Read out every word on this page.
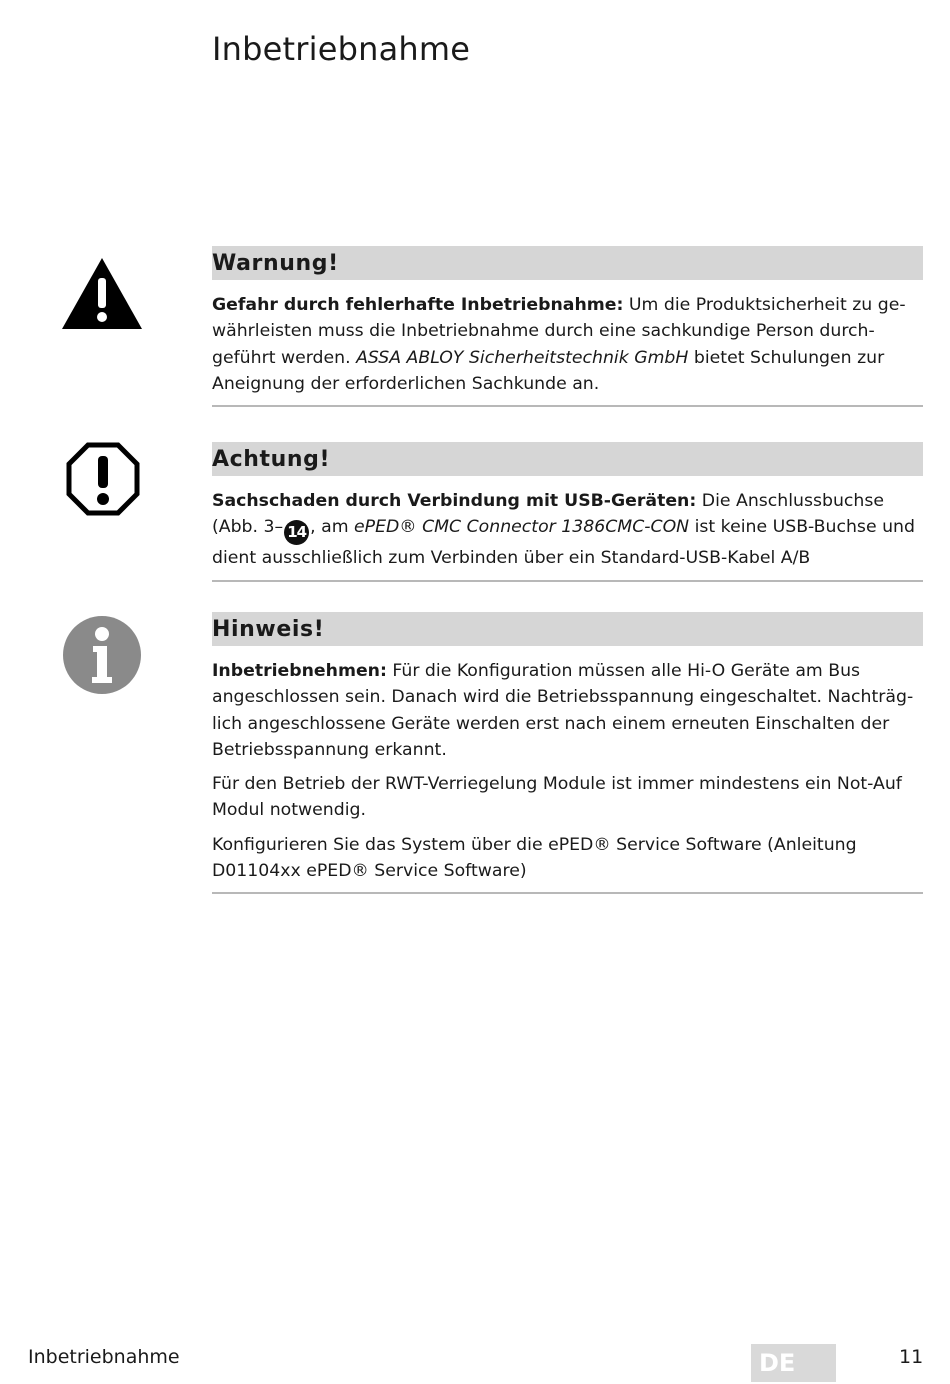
Inbetriebnahme
Warnung!

Gefahr durch fehlerhafte Inbetriebnahme: Um die Produktsicherheit zu ge-währleisten muss die Inbetriebnahme durch eine sachkundige Person durch-geführt werden. ASSA ABLOY Sicherheitstechnik GmbH bietet Schulungen zur Aneignung der erforderlichen Sachkunde an.

Achtung!

Sachschaden durch Verbindung mit USB-Geräten: Die Anschlussbuchse (Abb. 3– 14 , am ePED® CMC Connector 1386CMC-CON ist keine USB-Buchse und dient ausschließlich zum Verbinden über ein Standard-USB-Kabel A/B

Hinweis!

Inbetriebnehmen: Für die Konfiguration müssen alle Hi-O Geräte am Bus angeschlossen sein. Danach wird die Betriebsspannung eingeschaltet. Nachträg-lich angeschlossene Geräte werden erst nach einem erneuten Einschalten der Betriebsspannung erkannt.

Für den Betrieb der RWT-Verriegelung Module ist immer mindestens ein Not-Auf Modul notwendig.

Konfigurieren Sie das System über die ePED® Service Software (Anleitung D01104xx ePED® Service Software)

Inbetriebnahme	DE	11
